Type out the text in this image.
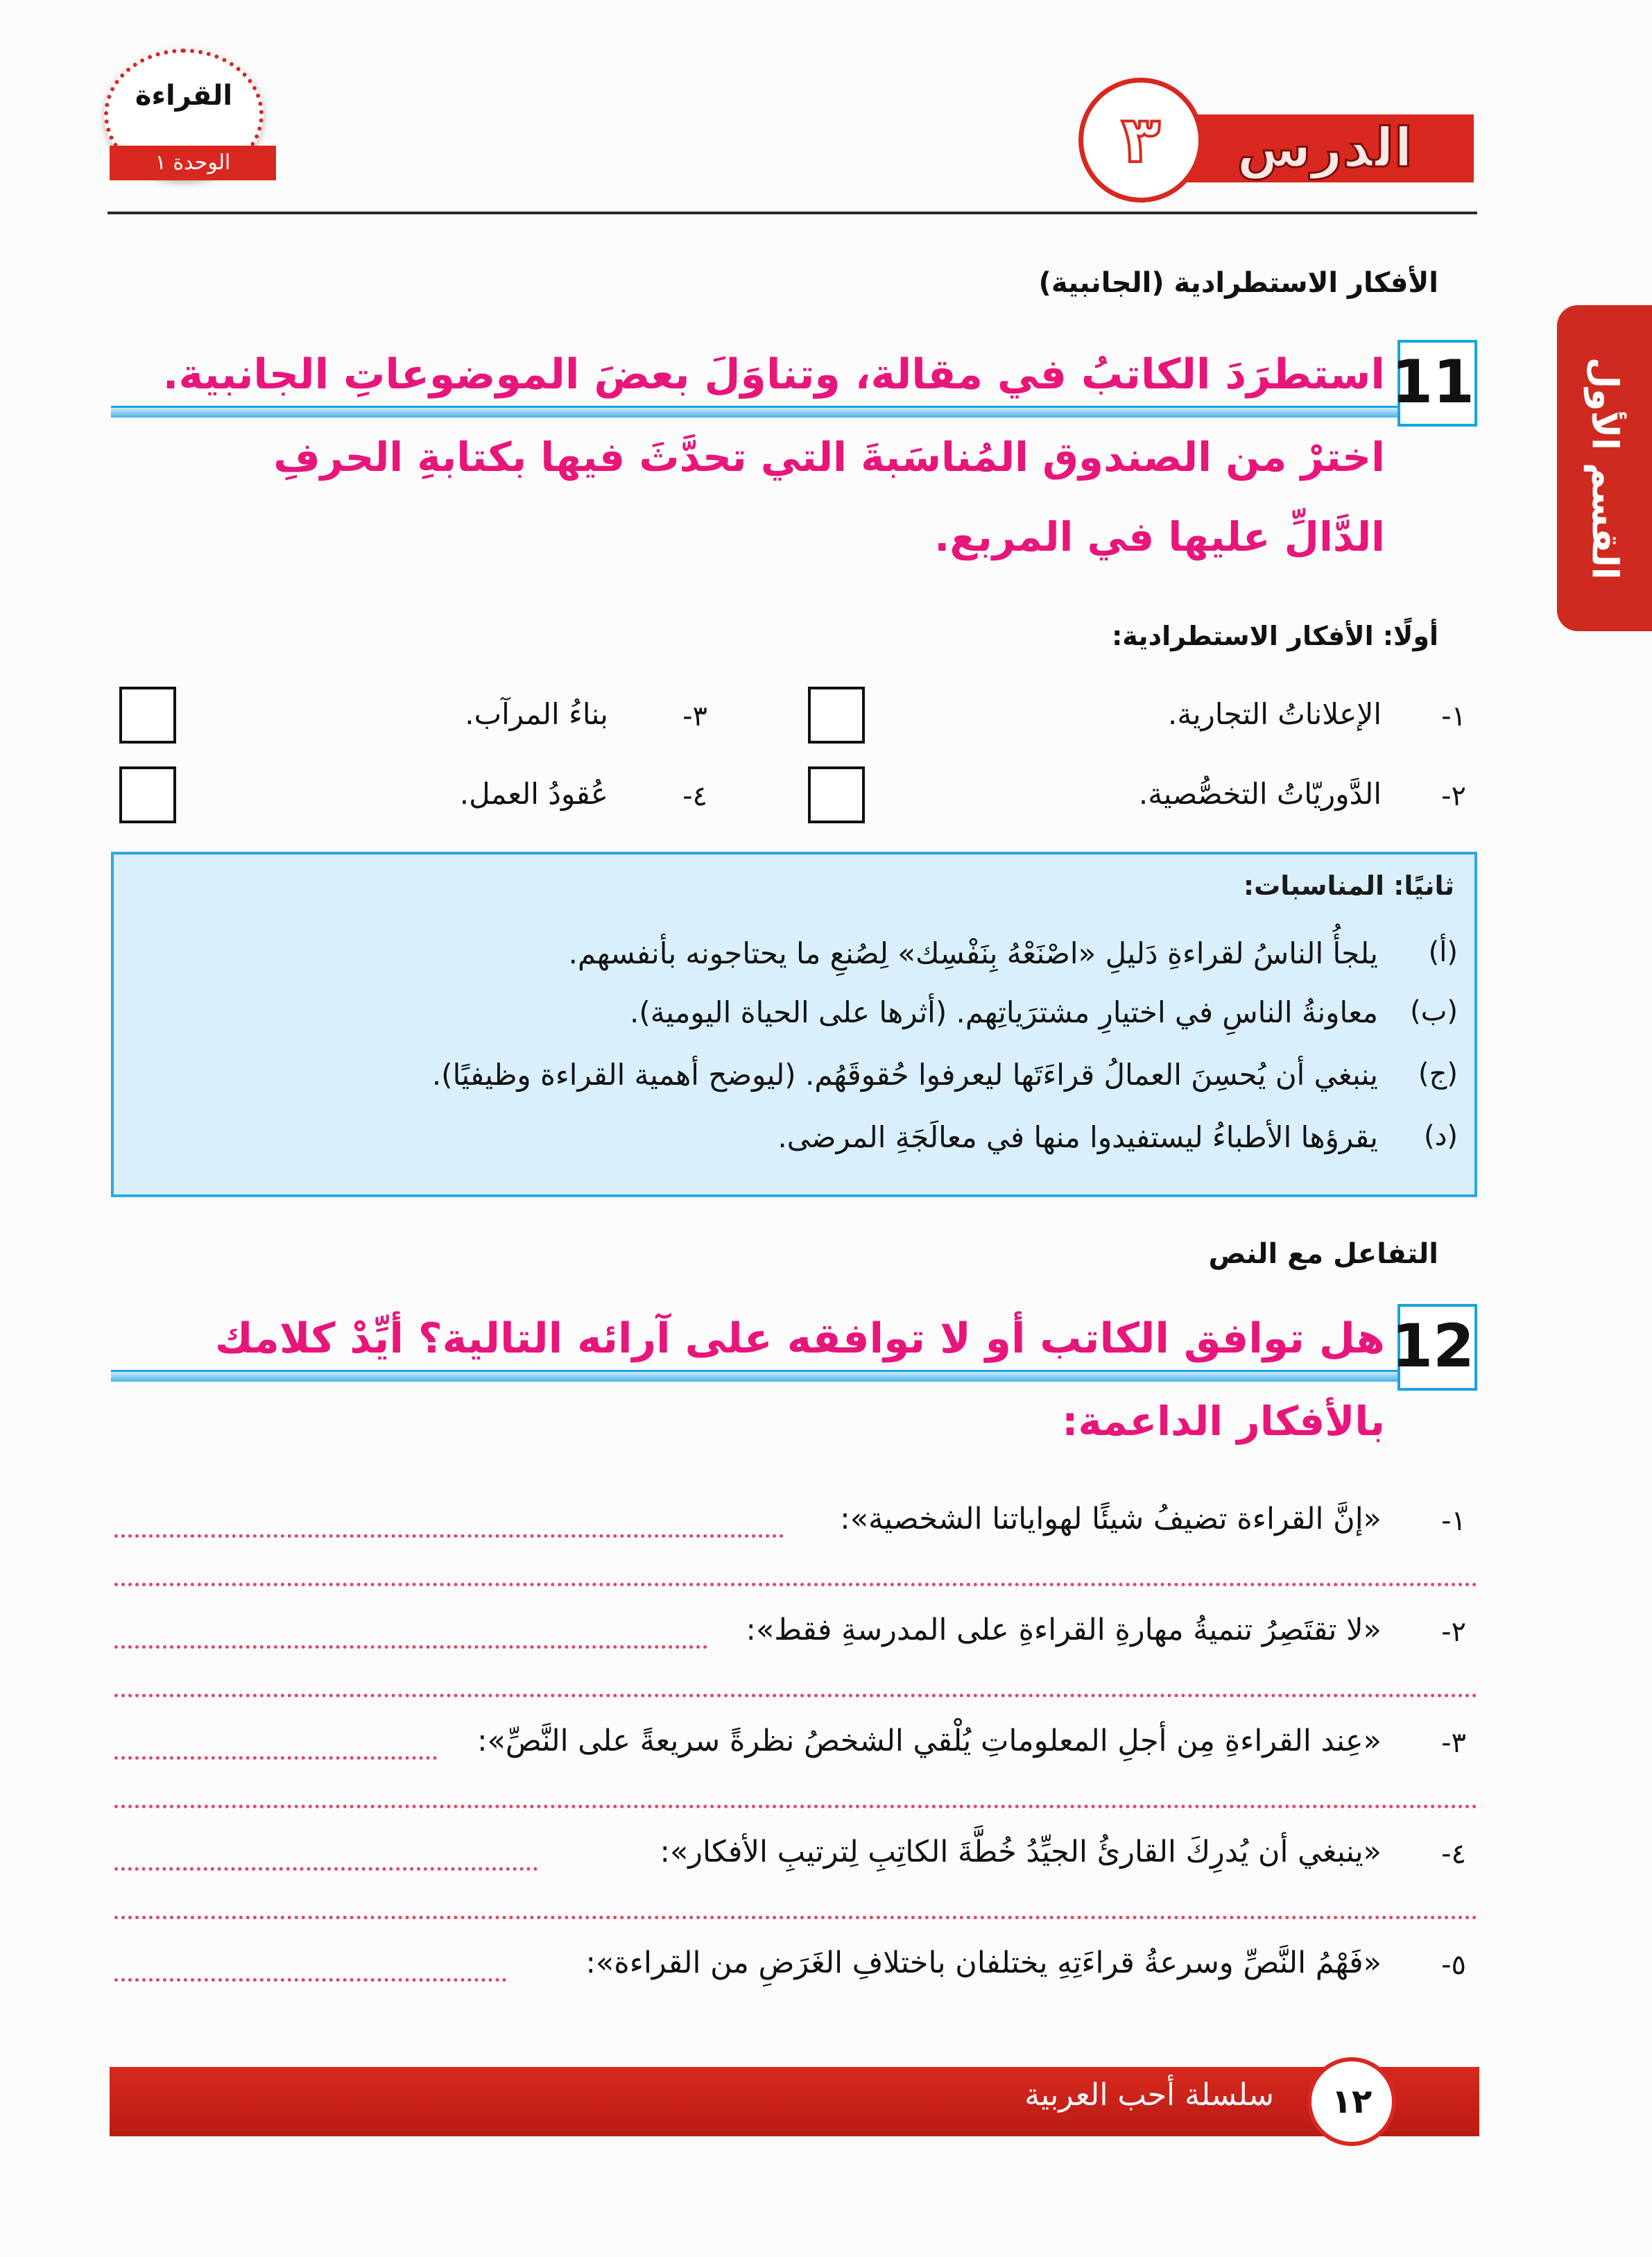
الدرس
٣
القراءة
الوحدة ١
القسم الأول
الأفكار الاستطرادية (الجانبية)
11
استطرَدَ الكاتبُ في مقالة، وتناوَلَ بعضَ الموضوعاتِ الجانبية.
اخترْ من الصندوق المُناسَبةَ التي تحدَّثَ فيها بكتابةِ الحرفِ
الدَّالِّ عليها في المربع.
أولًا: الأفكار الاستطرادية:
١-
الإعلاناتُ التجارية.
٢-
الدَّوريّاتُ التخصُّصية.
٣-
بناءُ المرآب.
٤-
عُقودُ العمل.
ثانيًا: المناسبات:
(أ)
يلجأُ الناسُ لقراءةِ دَليلِ «اصْنَعْهُ بِنَفْسِك» لِصُنعِ ما يحتاجونه بأنفسهم.
(ب)
معاونةُ الناسِ في اختيارِ مشترَياتِهم. (أثرها على الحياة اليومية).
(ج)
ينبغي أن يُحسِنَ العمالُ قراءَتَها ليعرفوا حُقوقَهُم. (ليوضح أهمية القراءة وظيفيًا).
(د)
يقرؤها الأطباءُ ليستفيدوا منها في معالَجَةِ المرضى.
التفاعل مع النص
12
هل توافق الكاتب أو لا توافقه على آرائه التالية؟ أيِّدْ كلامك
بالأفكار الداعمة:
١-
«إنَّ القراءة تضيفُ شيئًا لهواياتنا الشخصية»:
٢-
«لا تقتَصِرُ تنميةُ مهارةِ القراءةِ على المدرسةِ فقط»:
٣-
«عِند القراءةِ مِن أجلِ المعلوماتِ يُلْقي الشخصُ نظرةً سريعةً على النَّصِّ»:
٤-
«ينبغي أن يُدرِكَ القارئُ الجيِّدُ خُطَّةَ الكاتِبِ لِترتيبِ الأفكار»:
٥-
«فَهْمُ النَّصِّ وسرعةُ قراءَتِهِ يختلفان باختلافِ الغَرَضِ من القراءة»:
١٢
سلسلة أحب العربية
